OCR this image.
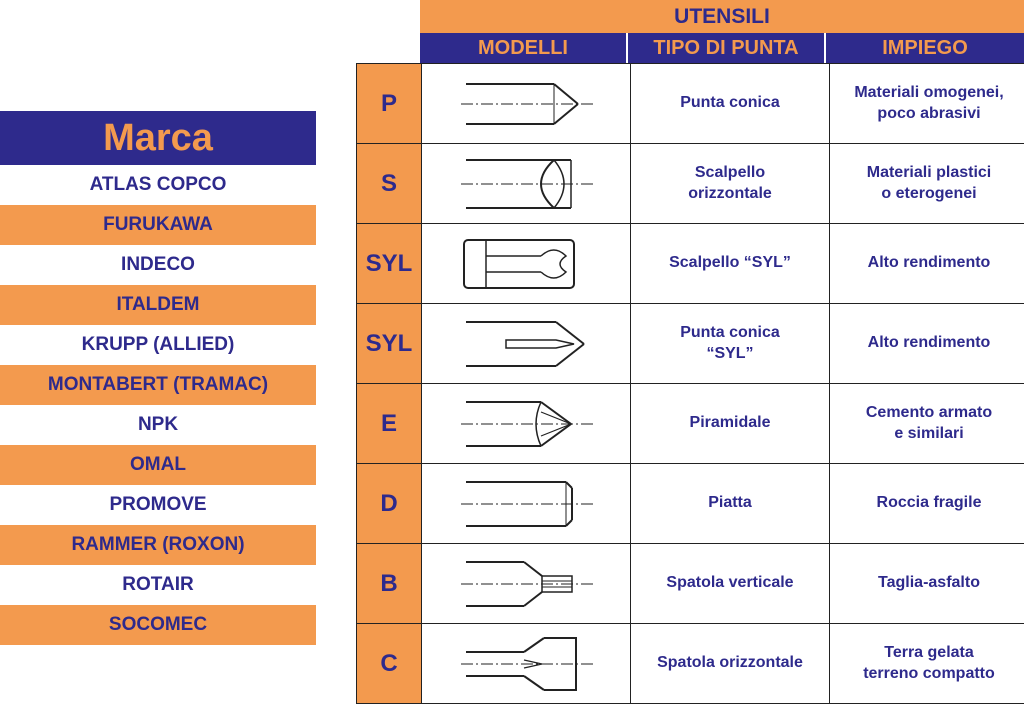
Marca
ATLAS COPCO
FURUKAWA
INDECO
ITALDEM
KRUPP (ALLIED)
MONTABERT (TRAMAC)
NPK
OMAL
PROMOVE
RAMMER (ROXON)
ROTAIR
SOCOMEC
UTENSILI
MODELLI	TIPO DI PUNTA	IMPIEGO
P		Punta conica	Materiali omogenei,
poco abrasivi
S		Scalpello
orizzontale	Materiali plastici
o eterogenei
SYL		Scalpello “SYL”	Alto rendimento
SYL		Punta conica
“SYL”	Alto rendimento
E		Piramidale	Cemento armato
e similari
D		Piatta	Roccia fragile
B		Spatola verticale	Taglia-asfalto
C		Spatola orizzontale	Terra gelata
terreno compatto
